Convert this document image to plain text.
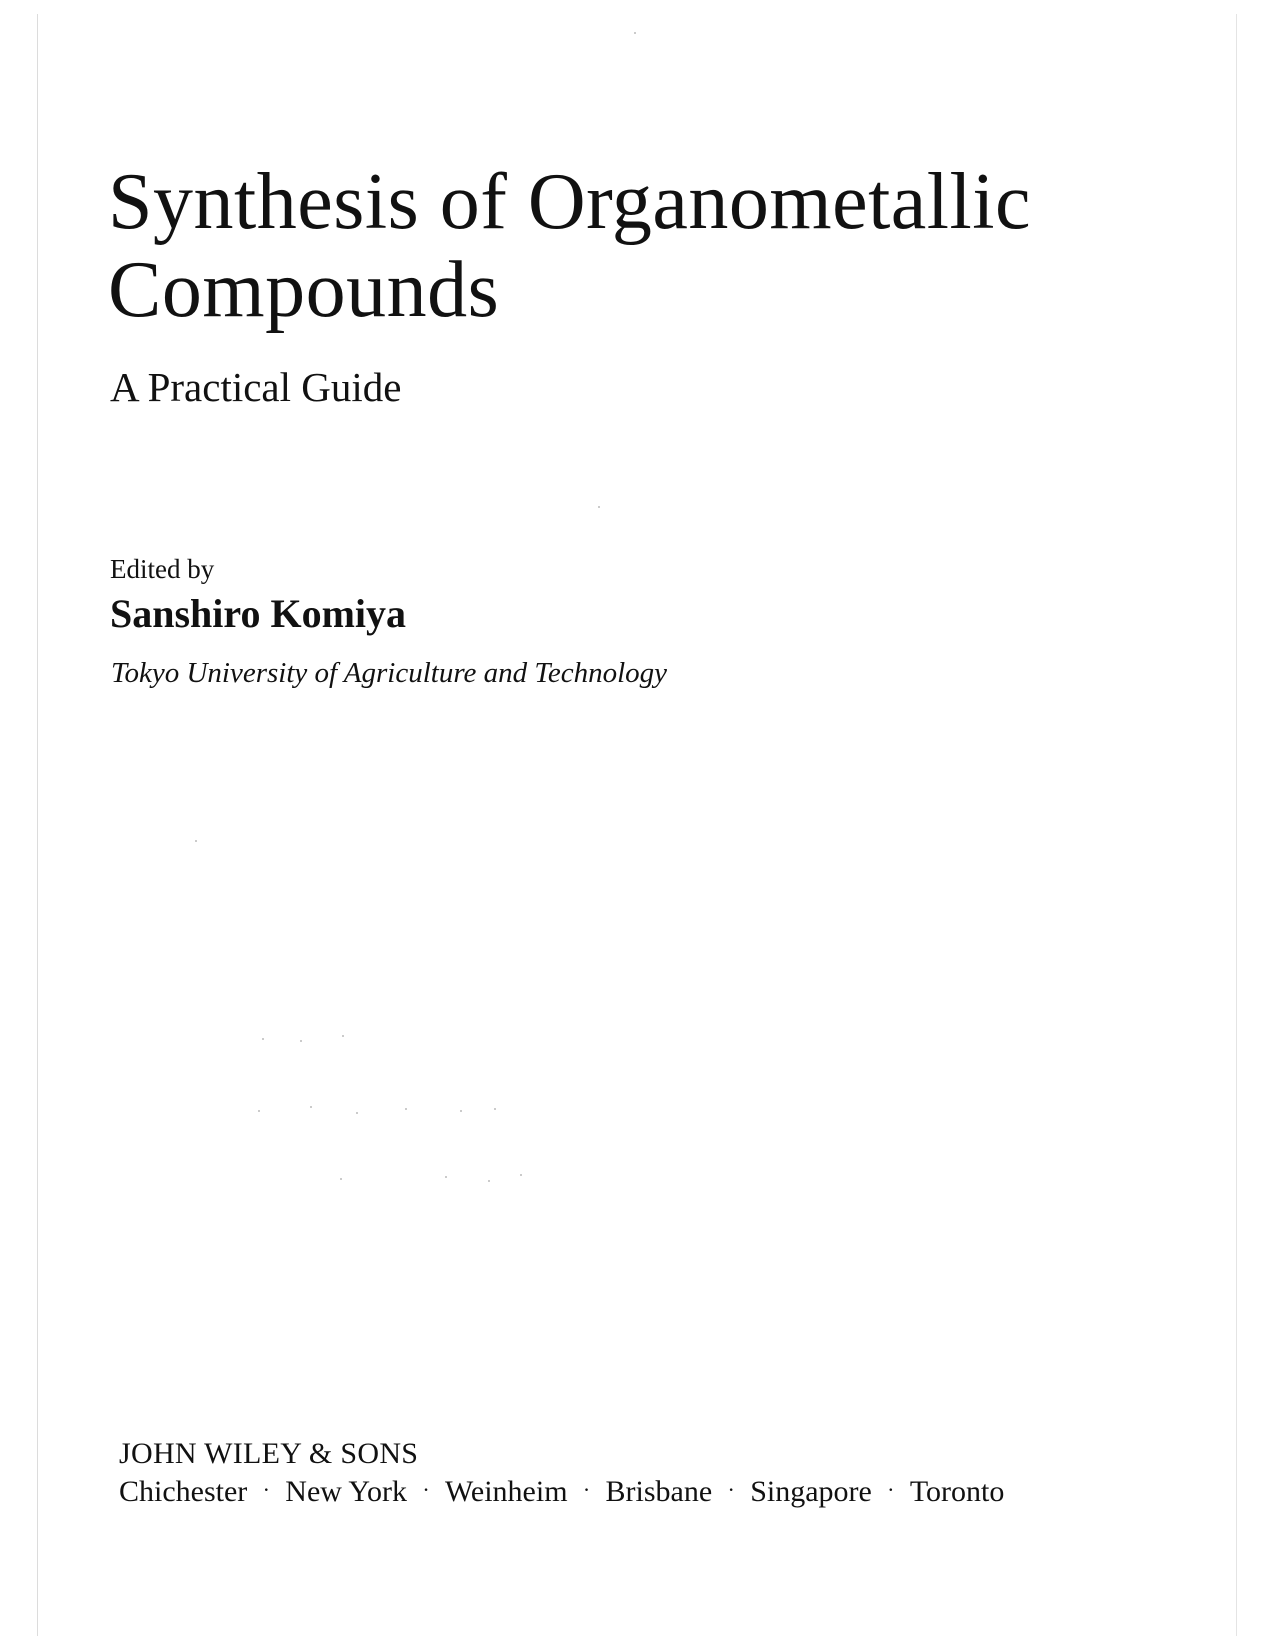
Synthesis of Organometallic
Compounds
A Practical Guide
Edited by
Sanshiro Komiya
Tokyo University of Agriculture and Technology
JOHN WILEY & SONS
Chichester · New York · Weinheim · Brisbane · Singapore · Toronto
